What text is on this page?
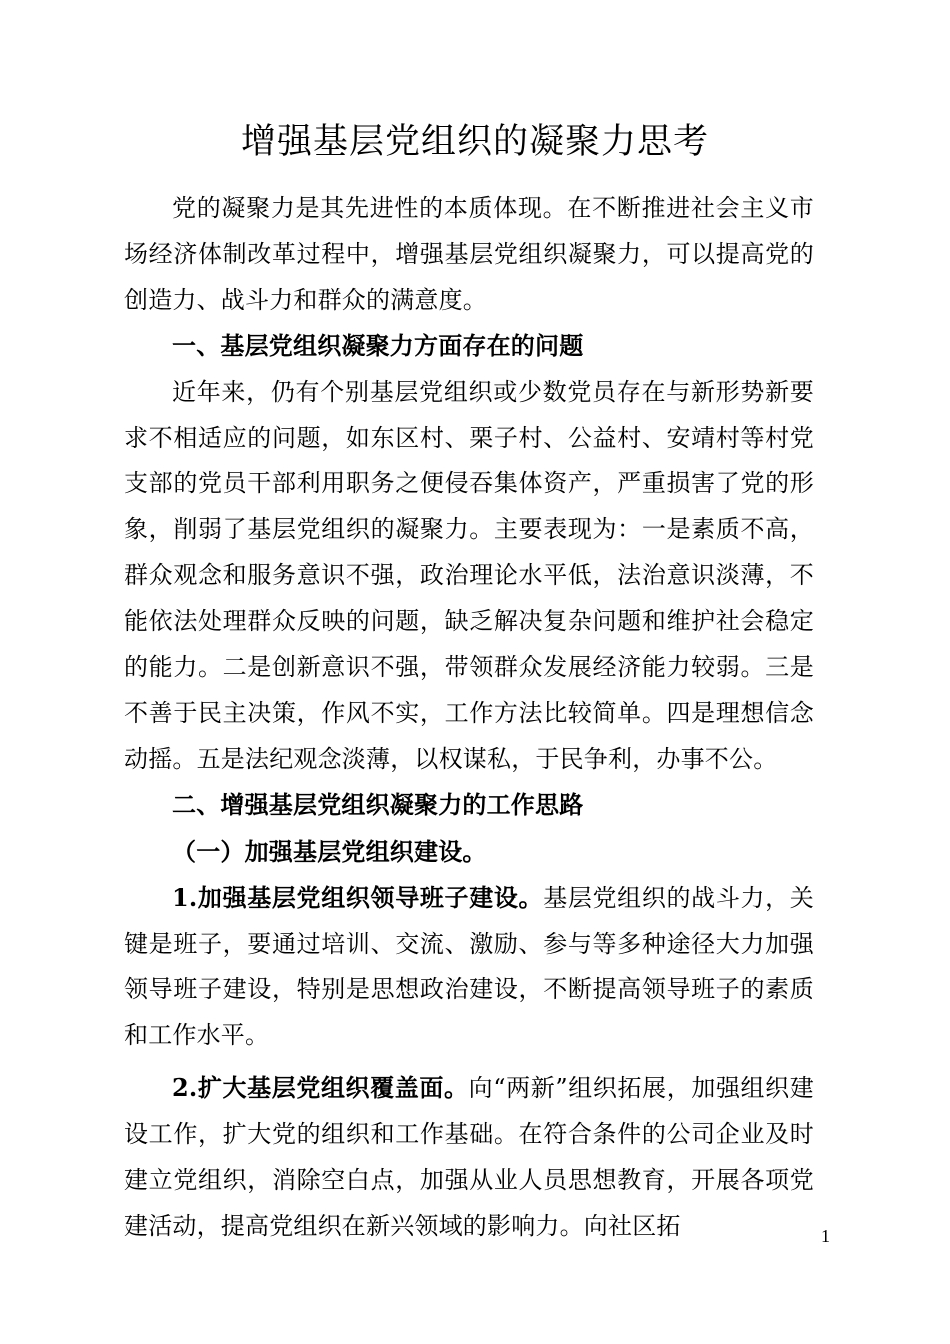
增强基层党组织的凝聚力思考

党的凝聚力是其先进性的本质体现。在不断推进社会主义市场经济体制改革过程中，增强基层党组织凝聚力，可以提高党的创造力、战斗力和群众的满意度。

一、基层党组织凝聚力方面存在的问题

近年来，仍有个别基层党组织或少数党员存在与新形势新要求不相适应的问题，如东区村、栗子村、公益村、安靖村等村党支部的党员干部利用职务之便侵吞集体资产，严重损害了党的形象，削弱了基层党组织的凝聚力。主要表现为：一是素质不高，群众观念和服务意识不强，政治理论水平低，法治意识淡薄，不能依法处理群众反映的问题，缺乏解决复杂问题和维护社会稳定的能力。二是创新意识不强，带领群众发展经济能力较弱。三是不善于民主决策，作风不实，工作方法比较简单。四是理想信念动摇。五是法纪观念淡薄，以权谋私，于民争利，办事不公。

二、增强基层党组织凝聚力的工作思路

（一）加强基层党组织建设。

1.加强基层党组织领导班子建设。基层党组织的战斗力，关键是班子，要通过培训、交流、激励、参与等多种途径大力加强领导班子建设，特别是思想政治建设，不断提高领导班子的素质和工作水平。

2.扩大基层党组织覆盖面。向“两新”组织拓展，加强组织建设工作，扩大党的组织和工作基础。在符合条件的公司企业及时建立党组织，消除空白点，加强从业人员思想教育，开展各项党建活动，提高党组织在新兴领域的影响力。向社区拓	1
